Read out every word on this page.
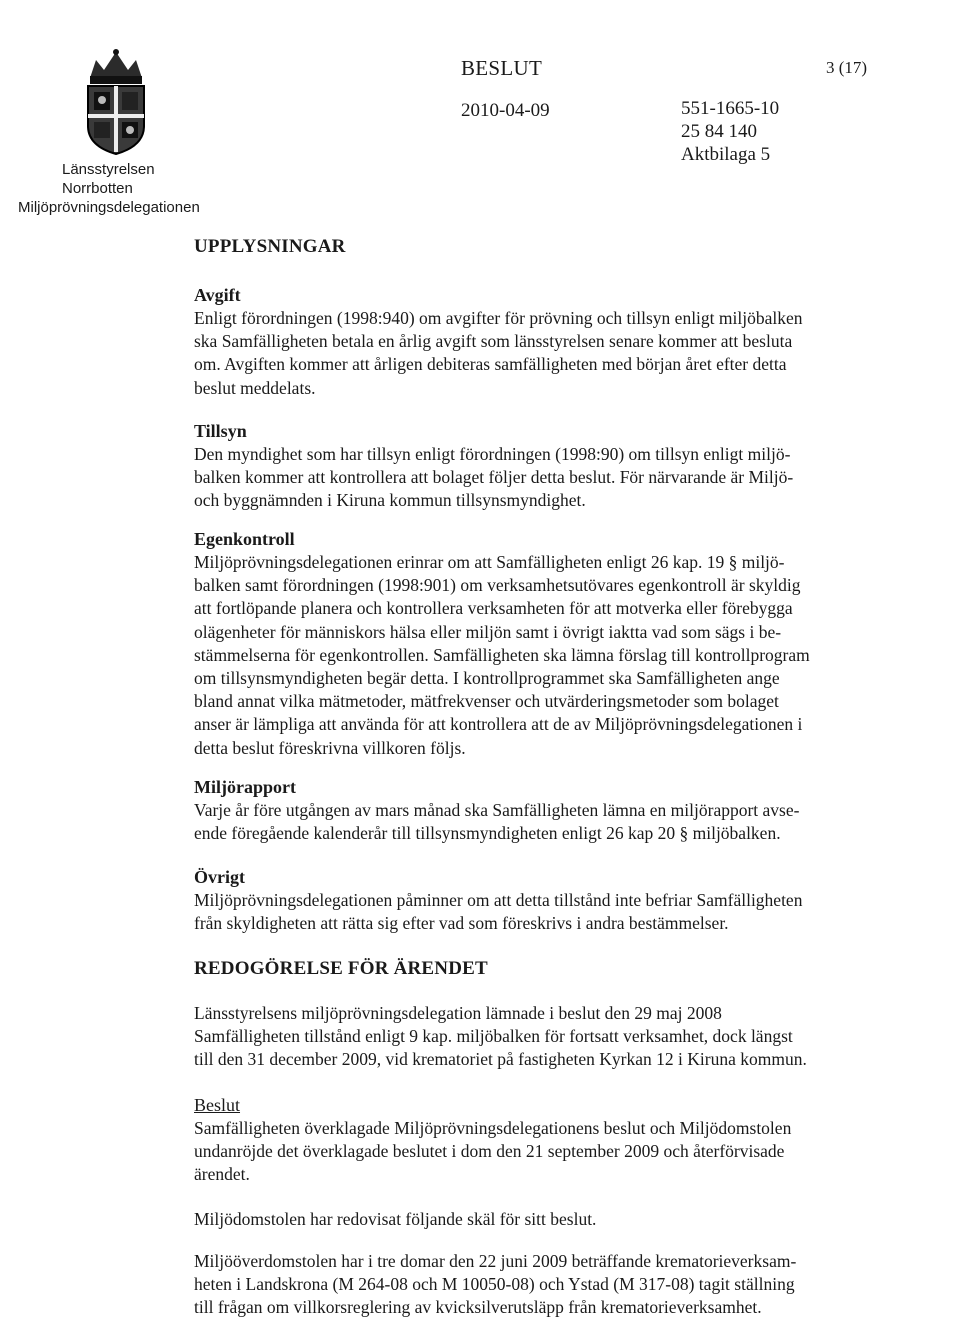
Länsstyrelsen
Norrbotten
Miljöprövningsdelegationen
BESLUT	3 (17)
2010-04-09	551-1665-10
25 84 140
Aktbilaga 5
UPPLYSNINGAR

Avgift

Enligt förordningen (1998:940) om avgifter för prövning och tillsyn enligt miljöbalken

ska Samfälligheten betala en årlig avgift som länsstyrelsen senare kommer att besluta

om. Avgiften kommer att årligen debiteras samfälligheten med början året efter detta

beslut meddelats.

Tillsyn

Den myndighet som har tillsyn enligt förordningen (1998:90) om tillsyn enligt miljö-

balken kommer att kontrollera att bolaget följer detta beslut. För närvarande är Miljö-

och byggnämnden i Kiruna kommun tillsynsmyndighet.

Egenkontroll

Miljöprövningsdelegationen erinrar om att Samfälligheten enligt 26 kap. 19 § miljö-

balken samt förordningen (1998:901) om verksamhetsutövares egenkontroll är skyldig

att fortlöpande planera och kontrollera verksamheten för att motverka eller förebygga

olägenheter för människors hälsa eller miljön samt i övrigt iaktta vad som sägs i be-

stämmelserna för egenkontrollen. Samfälligheten ska lämna förslag till kontrollprogram

om tillsynsmyndigheten begär detta. I kontrollprogrammet ska Samfälligheten ange

bland annat vilka mätmetoder, mätfrekvenser och utvärderingsmetoder som bolaget

anser är lämpliga att använda för att kontrollera att de av Miljöprövningsdelegationen i

detta beslut föreskrivna villkoren följs.

Miljörapport

Varje år före utgången av mars månad ska Samfälligheten lämna en miljörapport avse-

ende föregående kalenderår till tillsynsmyndigheten enligt 26 kap 20 § miljöbalken.

Övrigt

Miljöprövningsdelegationen påminner om att detta tillstånd inte befriar Samfälligheten

från skyldigheten att rätta sig efter vad som föreskrivs i andra bestämmelser.

REDOGÖRELSE FÖR ÄRENDET

Länsstyrelsens miljöprövningsdelegation lämnade i beslut den 29 maj 2008

Samfälligheten tillstånd enligt 9 kap. miljöbalken för fortsatt verksamhet, dock längst

till den 31 december 2009, vid krematoriet på fastigheten Kyrkan 12 i Kiruna kommun.

Beslut

Samfälligheten överklagade Miljöprövningsdelegationens beslut och Miljödomstolen

undanröjde det överklagade beslutet i dom den 21 september 2009 och återförvisade

ärendet.

Miljödomstolen har redovisat följande skäl för sitt beslut.

Miljööverdomstolen har i tre domar den 22 juni 2009 beträffande krematorieverksam-

heten i Landskrona (M 264-08 och M 10050-08) och Ystad (M 317-08) tagit ställning

till frågan om villkorsreglering av kvicksilverutsläpp från krematorieverksamhet.
